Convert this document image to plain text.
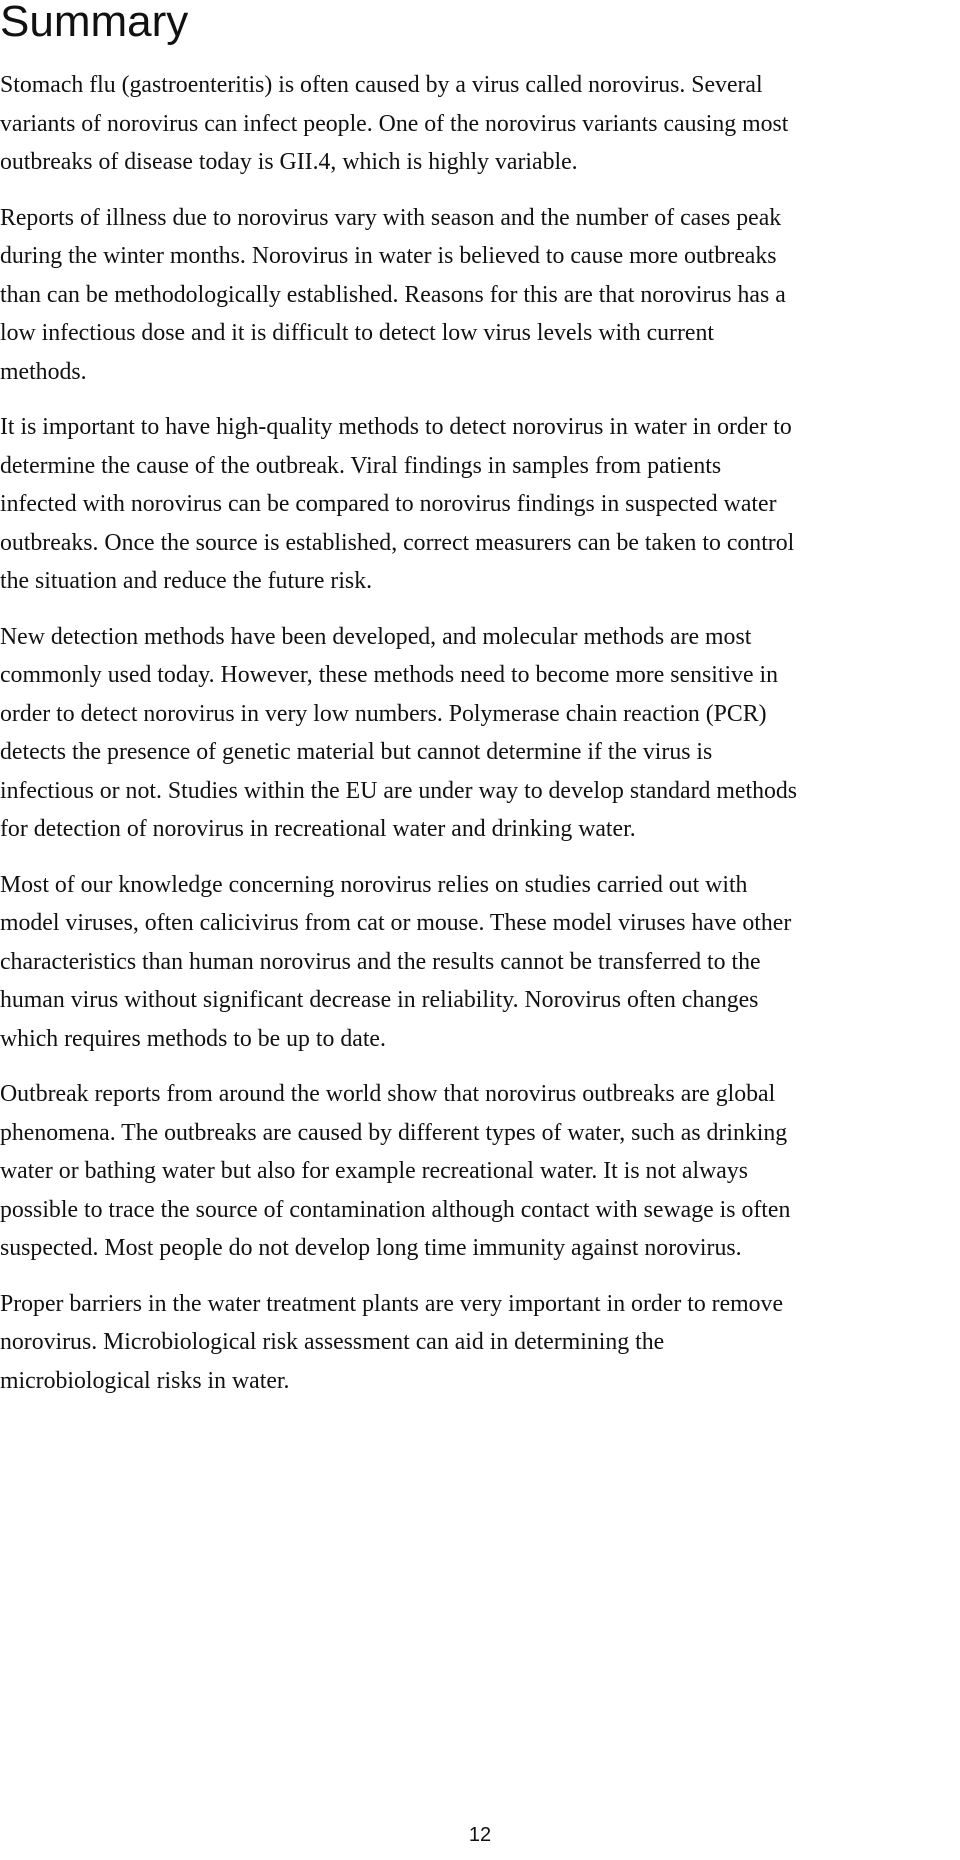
Summary

Stomach flu (gastroenteritis) is often caused by a virus called norovirus. Several
variants of norovirus can infect people. One of the norovirus variants causing most
outbreaks of disease today is GII.4, which is highly variable.

Reports of illness due to norovirus vary with season and the number of cases peak
during the winter months. Norovirus in water is believed to cause more outbreaks
than can be methodologically established. Reasons for this are that norovirus has a
low infectious dose and it is difficult to detect low virus levels with current
methods.

It is important to have high-quality methods to detect norovirus in water in order to
determine the cause of the outbreak. Viral findings in samples from patients
infected with norovirus can be compared to norovirus findings in suspected water
outbreaks. Once the source is established, correct measurers can be taken to control
the situation and reduce the future risk.

New detection methods have been developed, and molecular methods are most
commonly used today. However, these methods need to become more sensitive in
order to detect norovirus in very low numbers. Polymerase chain reaction (PCR)
detects the presence of genetic material but cannot determine if the virus is
infectious or not. Studies within the EU are under way to develop standard methods
for detection of norovirus in recreational water and drinking water.

Most of our knowledge concerning norovirus relies on studies carried out with
model viruses, often calicivirus from cat or mouse. These model viruses have other
characteristics than human norovirus and the results cannot be transferred to the
human virus without significant decrease in reliability. Norovirus often changes
which requires methods to be up to date.

Outbreak reports from around the world show that norovirus outbreaks are global
phenomena. The outbreaks are caused by different types of water, such as drinking
water or bathing water but also for example recreational water. It is not always
possible to trace the source of contamination although contact with sewage is often
suspected. Most people do not develop long time immunity against norovirus.

Proper barriers in the water treatment plants are very important in order to remove
norovirus. Microbiological risk assessment can aid in determining the
microbiological risks in water.

12
